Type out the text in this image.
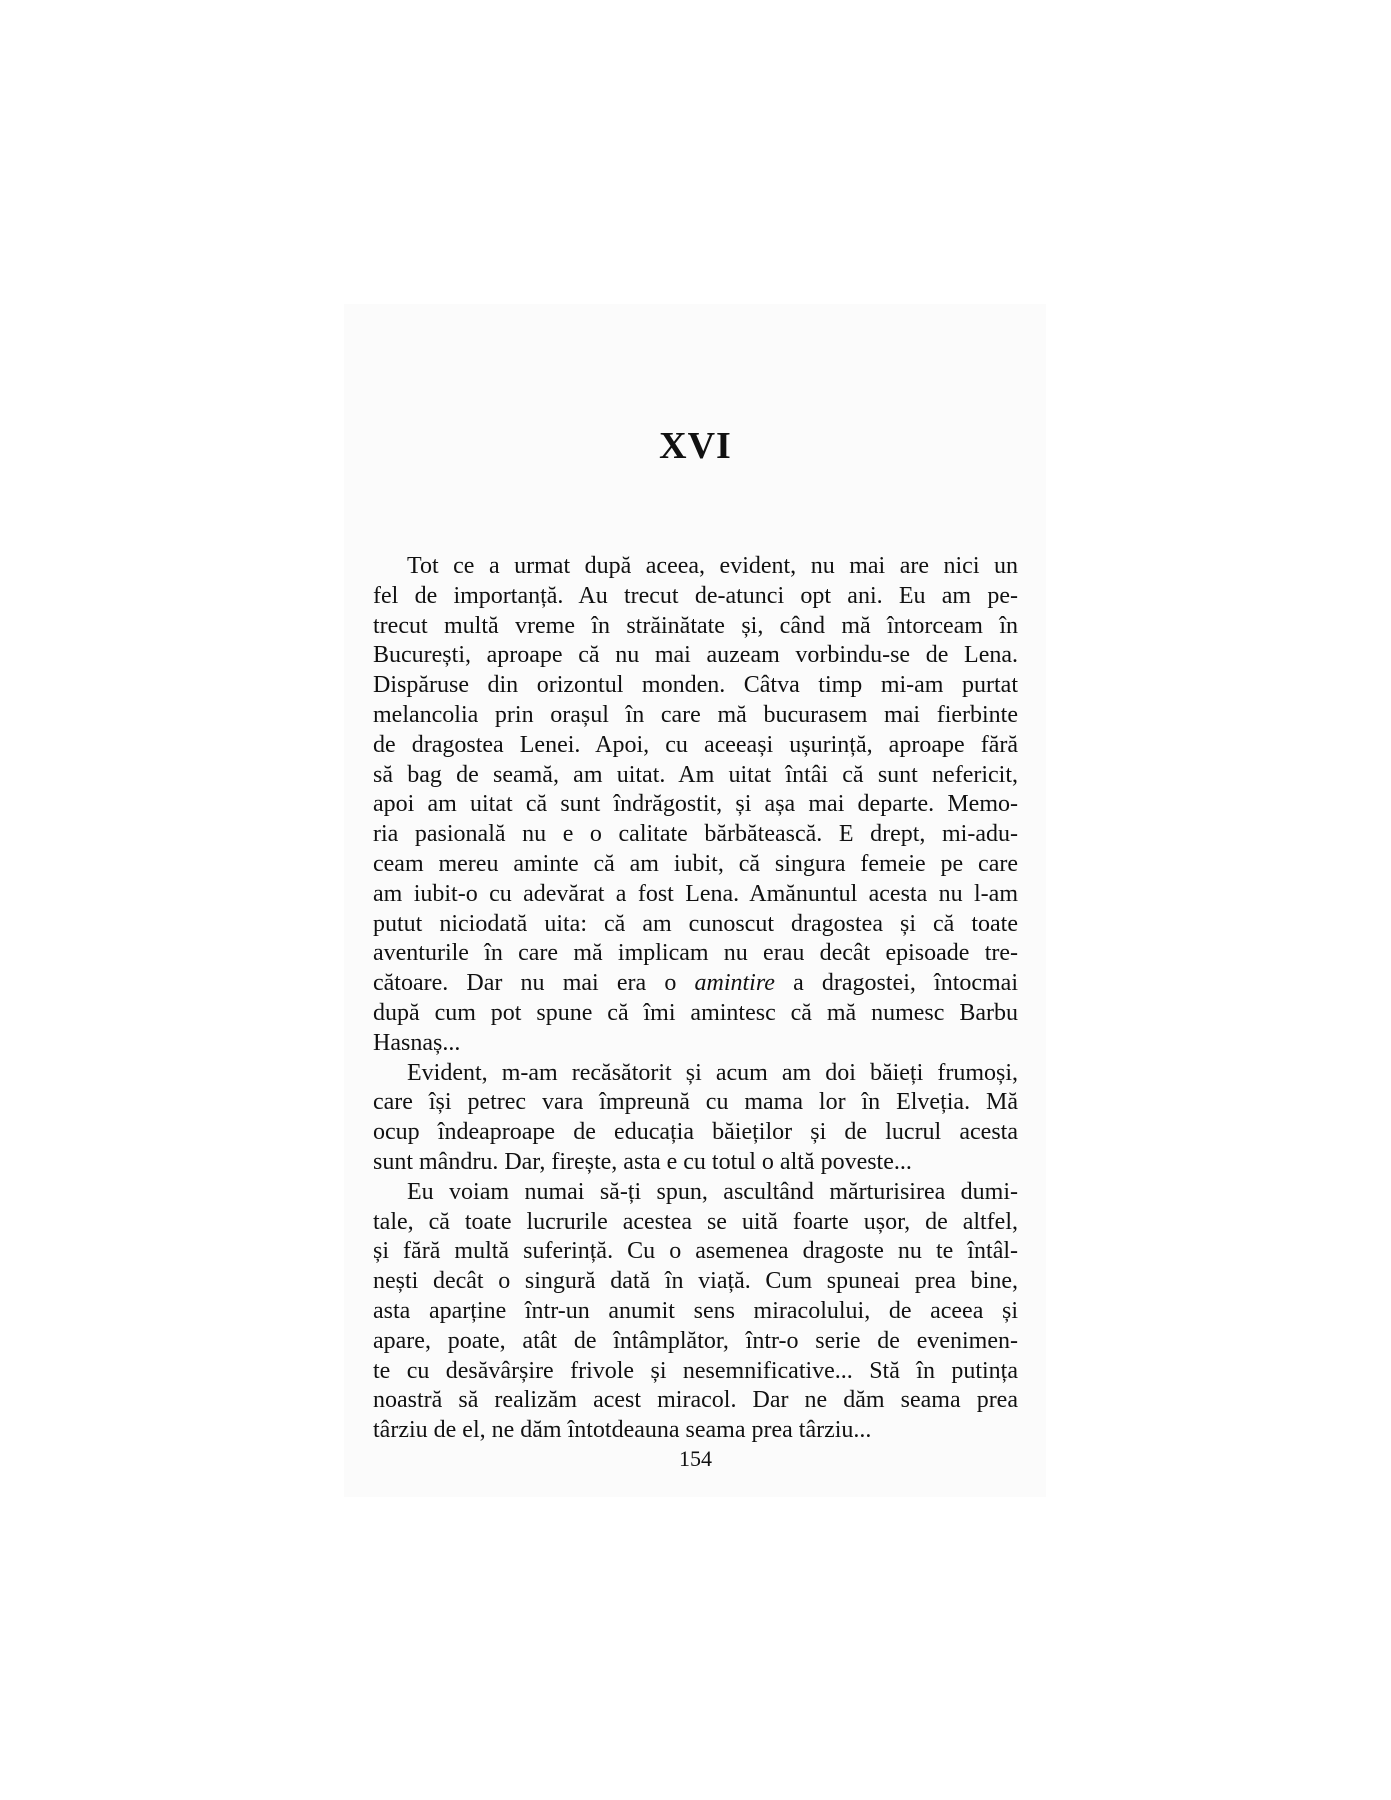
XVI
Tot ce a urmat după aceea, evident, nu mai are nici un
fel de importanță. Au trecut de-atunci opt ani. Eu am pe-
trecut multă vreme în străinătate și, când mă întorceam în
București, aproape că nu mai auzeam vorbindu-se de Lena.
Dispăruse din orizontul monden. Câtva timp mi-am purtat
melancolia prin orașul în care mă bucurasem mai fierbinte
de dragostea Lenei. Apoi, cu aceeași ușurință, aproape fără
să bag de seamă, am uitat. Am uitat întâi că sunt nefericit,
apoi am uitat că sunt îndrăgostit, și așa mai departe. Memo-
ria pasională nu e o calitate bărbătească. E drept, mi-adu-
ceam mereu aminte că am iubit, că singura femeie pe care
am iubit-o cu adevărat a fost Lena. Amănuntul acesta nu l-am
putut niciodată uita: că am cunoscut dragostea și că toate
aventurile în care mă implicam nu erau decât episoade tre-
cătoare. Dar nu mai era o amintire a dragostei, întocmai
după cum pot spune că îmi amintesc că mă numesc Barbu
Hasnaș...
Evident, m-am recăsătorit și acum am doi băieți frumoși,
care își petrec vara împreună cu mama lor în Elveția. Mă
ocup îndeaproape de educația băieților și de lucrul acesta
sunt mândru. Dar, firește, asta e cu totul o altă poveste...
Eu voiam numai să-ți spun, ascultând mărturisirea dumi-
tale, că toate lucrurile acestea se uită foarte ușor, de altfel,
și fără multă suferință. Cu o asemenea dragoste nu te întâl-
nești decât o singură dată în viață. Cum spuneai prea bine,
asta aparține într-un anumit sens miracolului, de aceea și
apare, poate, atât de întâmplător, într-o serie de evenimen-
te cu desăvârșire frivole și nesemnificative... Stă în putința
noastră să realizăm acest miracol. Dar ne dăm seama prea
târziu de el, ne dăm întotdeauna seama prea târziu...
154
